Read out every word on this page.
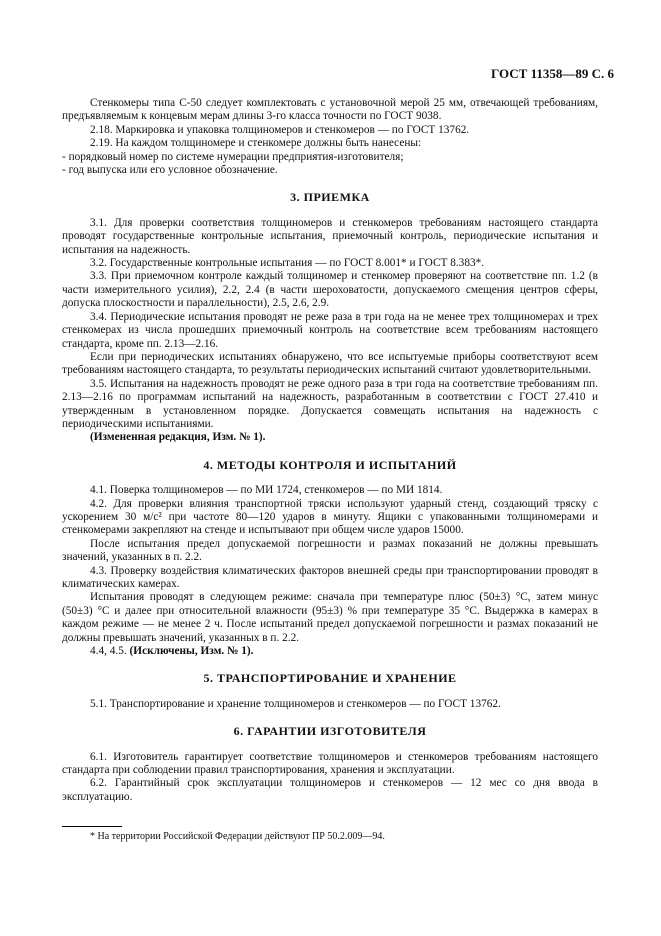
ГОСТ 11358—89 С. 6

Стенкомеры типа С-50 следует комплектовать с установочной мерой 25 мм, отвечающей требованиям, предъявляемым к концевым мерам длины 3-го класса точности по ГОСТ 9038.

2.18. Маркировка и упаковка толщиномеров и стенкомеров — по ГОСТ 13762.

2.19. На каждом толщиномере и стенкомере должны быть нанесены:

- порядковый номер по системе нумерации предприятия-изготовителя;

- год выпуска или его условное обозначение.

3. ПРИЕМКА

3.1. Для проверки соответствия толщиномеров и стенкомеров требованиям настоящего стандарта проводят государственные контрольные испытания, приемочный контроль, периодические испытания и испытания на надежность.

3.2. Государственные контрольные испытания — по ГОСТ 8.001* и ГОСТ 8.383*.

3.3. При приемочном контроле каждый толщиномер и стенкомер проверяют на соответствие пп. 1.2 (в части измерительного усилия), 2.2, 2.4 (в части шероховатости, допускаемого смещения центров сферы, допуска плоскостности и параллельности), 2.5, 2.6, 2.9.

3.4. Периодические испытания проводят не реже раза в три года на не менее трех толщиномерах и трех стенкомерах из числа прошедших приемочный контроль на соответствие всем требованиям настоящего стандарта, кроме пп. 2.13—2.16.

Если при периодических испытаниях обнаружено, что все испытуемые приборы соответствуют всем требованиям настоящего стандарта, то результаты периодических испытаний считают удовлетворительными.

3.5. Испытания на надежность проводят не реже одного раза в три года на соответствие требованиям пп. 2.13—2.16 по программам испытаний на надежность, разработанным в соответствии с ГОСТ 27.410 и утвержденным в установленном порядке. Допускается совмещать испытания на надежность с периодическими испытаниями.

(Измененная редакция, Изм. № 1).

4. МЕТОДЫ КОНТРОЛЯ И ИСПЫТАНИЙ

4.1. Поверка толщиномеров — по МИ 1724, стенкомеров — по МИ 1814.

4.2. Для проверки влияния транспортной тряски используют ударный стенд, создающий тряску с ускорением 30 м/с² при частоте 80—120 ударов в минуту. Ящики с упакованными толщиномерами и стенкомерами закрепляют на стенде и испытывают при общем числе ударов 15000.

После испытания предел допускаемой погрешности и размах показаний не должны превышать значений, указанных в п. 2.2.

4.3. Проверку воздействия климатических факторов внешней среды при транспортировании проводят в климатических камерах.

Испытания проводят в следующем режиме: сначала при температуре плюс (50±3) °С, затем минус (50±3) °С и далее при относительной влажности (95±3) % при температуре 35 °С. Выдержка в камерах в каждом режиме — не менее 2 ч. После испытаний предел допускаемой погрешности и размах показаний не должны превышать значений, указанных в п. 2.2.

4.4, 4.5. (Исключены, Изм. № 1).

5. ТРАНСПОРТИРОВАНИЕ И ХРАНЕНИЕ

5.1. Транспортирование и хранение толщиномеров и стенкомеров — по ГОСТ 13762.

6. ГАРАНТИИ ИЗГОТОВИТЕЛЯ

6.1. Изготовитель гарантирует соответствие толщиномеров и стенкомеров требованиям настоящего стандарта при соблюдении правил транспортирования, хранения и эксплуатации.

6.2. Гарантийный срок эксплуатации толщиномеров и стенкомеров — 12 мес со дня ввода в эксплуатацию.

* На территории Российской Федерации действуют ПР 50.2.009—94.
